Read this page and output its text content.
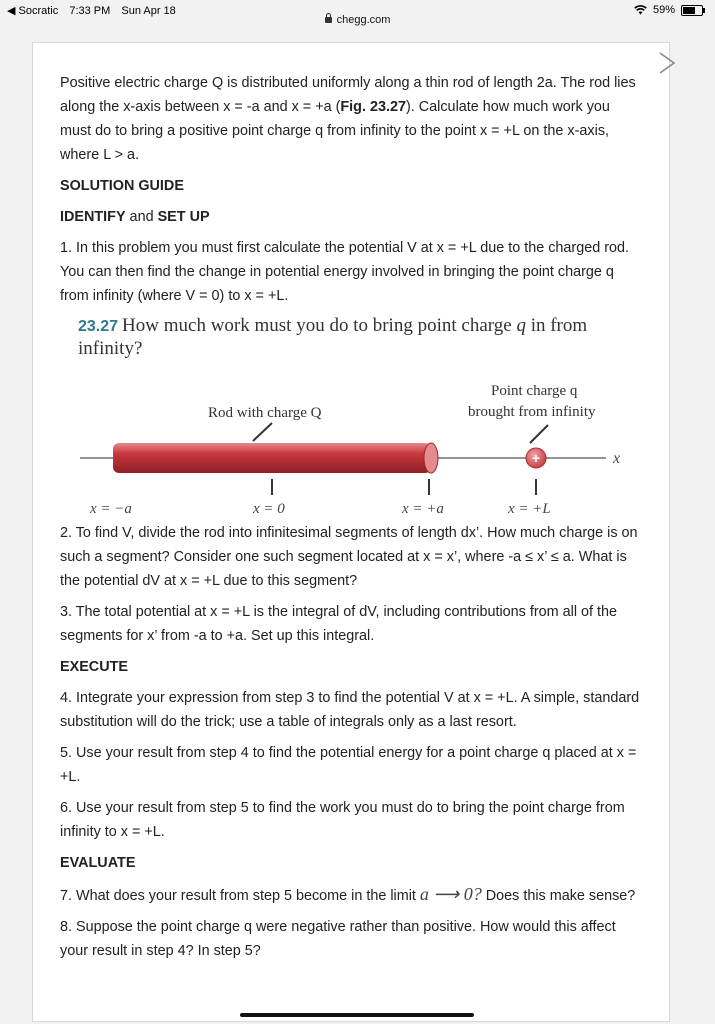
◀ Socratic 7:33 PM Sun Apr 18	59%
chegg.com

Positive electric charge Q is distributed uniformly along a thin rod of length 2a. The rod lies along the x-axis between x = -a and x = +a (Fig. 23.27). Calculate how much work you must do to bring a positive point charge q from infinity to the point x = +L on the x-axis, where L > a.

SOLUTION GUIDE

IDENTIFY and SET UP

1. In this problem you must first calculate the potential V at x = +L due to the charged rod. You can then find the change in potential energy involved in bringing the point charge q from infinity (where V = 0) to x = +L.

23.27 How much work must you do to bring point charge q in from infinity?
x
Rod with charge Q
Point charge q
brought from infinity
+
x = −a	x = 0	x = +a	x = +L

2. To find V, divide the rod into infinitesimal segments of length dx’. How much charge is on such a segment? Consider one such segment located at x = x’, where -a ≤ x’ ≤ a. What is the potential dV at x = +L due to this segment?

3. The total potential at x = +L is the integral of dV, including contributions from all of the segments for x’ from -a to +a. Set up this integral.

EXECUTE

4. Integrate your expression from step 3 to find the potential V at x = +L. A simple, standard substitution will do the trick; use a table of integrals only as a last resort.

5. Use your result from step 4 to find the potential energy for a point charge q placed at x = +L.

6. Use your result from step 5 to find the work you must do to bring the point charge from infinity to x = +L.

EVALUATE

7. What does your result from step 5 become in the limit a ⟶ 0? Does this make sense?

8. Suppose the point charge q were negative rather than positive. How would this affect your result in step 4? In step 5?
